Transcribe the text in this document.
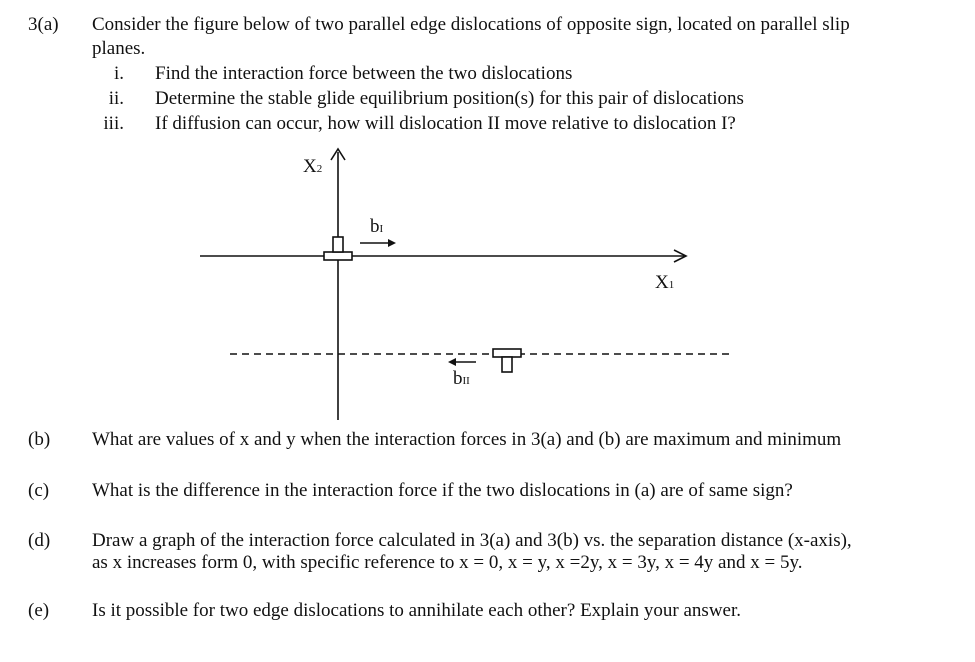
3(a) Consider the figure below of two parallel edge dislocations of opposite sign, located on parallel slip
planes.
i. Find the interaction force between the two dislocations
ii. Determine the stable glide equilibrium position(s) for this pair of dislocations
iii. If diffusion can occur, how will dislocation II move relative to dislocation I?
X2
X1
bI
bII
(b) What are values of x and y when the interaction forces in 3(a) and (b) are maximum and minimum
(c) What is the difference in the interaction force if the two dislocations in (a) are of same sign?
(d) Draw a graph of the interaction force calculated in 3(a) and 3(b) vs. the separation distance (x-axis),
as x increases form 0, with specific reference to x = 0, x = y, x =2y, x = 3y, x = 4y and x = 5y.
(e) Is it possible for two edge dislocations to annihilate each other? Explain your answer.
